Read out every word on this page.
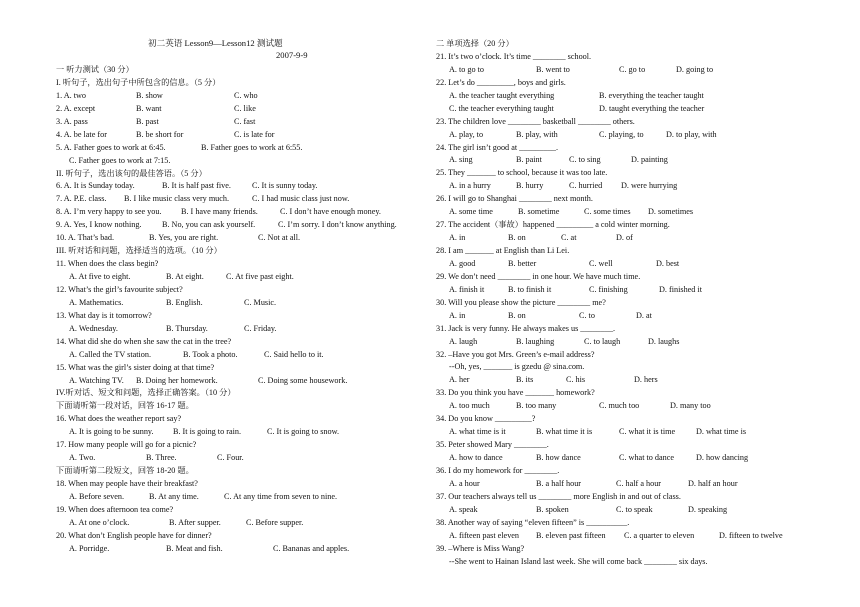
初二英语 Lesson9—Lesson12 测试题
2007-9-9
一 听力测试（30 分）
I. 听句子，选出句子中所包含的信息。（5 分）
1. A. two	B. show	C. who
2. A. except	B. want	C. like
3. A. pass	B. past	C. fast
4. A. be late for	B. be short for	C. is late for
5. A. Father goes to work at 6:45.	B. Father goes to work at 6:55.
C. Father goes to work at 7:15.
II. 听句子，选出该句的最佳答语。（5 分）
6. A. It is Sunday today.	B. It is half past five.	C. It is sunny today.
7. A. P.E. class. B. I like music class very much.	C. I had music class just now.
8. A. I’m very happy to see you. B. I have many friends.	C. I don’t have enough money.
9. A. Yes, I know nothing. B. No, you can ask yourself.	C. I’m sorry. I don’t know anything.
10. A. That’s bad.	B. Yes, you are right.	C. Not at all.
III. 听对话和问题，选择适当的选项。（10 分）
11. When does the class begin?
A. At five to eight.	B. At eight.	C. At five past eight.
12. What’s the girl’s favourite subject?
A. Mathematics.	B. English.	C. Music.
13. What day is it tomorrow?
A. Wednesday.	B. Thursday.	C. Friday.
14. What did she do when she saw the cat in the tree?
A. Called the TV station.	B. Took a photo.	C. Said hello to it.
15. What was the girl’s sister doing at that time?
A. Watching TV. B. Doing her homework.	C. Doing some housework.
IV.听对话、短文和问题，选择正确答案。（10 分）
下面请听第一段对话，回答 16-17 题。
16. What does the weather report say?
A. It is going to be sunny. B. It is going to rain.	C. It is going to snow.
17. How many people will go for a picnic?
A. Two.	B. Three.	C. Four.
下面请听第二段短文，回答 18-20 题。
18. When may people have their breakfast?
A. Before seven.	B. At any time.	C. At any time from seven to nine.
19. When does afternoon tea come?
A. At one o’clock.	B. After supper.	C. Before supper.
20. What don’t English people have for dinner?
A. Porridge.	B. Meat and fish.	C. Bananas and apples.
二 单项选择（20 分）
21. It’s two o’clock. It’s time ________ school.
A. to go to	B. went to	C. go to	D. going to
22. Let’s do _________, boys and girls.
A. the teacher taught everything	B. everything the teacher taught
C. the teacher everything taught	D. taught everything the teacher
23. The children love ________ basketball ________ others.
A. play, to	B. play, with	C. playing, to	D. to play, with
24. The girl isn’t good at _________.
A. sing	B. paint	C. to sing	D. painting
25. They _______ to school, because it was too late.
A. in a hurry	B. hurry	C. hurried D. were hurrying
26. I will go to Shanghai ________ next month.
A. some time	B. sometime	C. some times D. sometimes
27. The accident（事故）happened _________ a cold winter morning.
A. in	B. on	C. at	D. of
28. I am _______ at English than Li Lei.
A. good	B. better	C. well	D. best
29. We don’t need ________ in one hour. We have much time.
A. finish it	B. to finish it	C. finishing	D. finished it
30. Will you please show the picture ________ me?
A. in	B. on	C. to	D. at
31. Jack is very funny. He always makes us ________.
A. laugh	B. laughing	C. to laugh	D. laughs
32. –Have you got Mrs. Green’s e-mail address?
--Oh, yes, _______ is gzedu @ sina.com.
A. her	B. its	C. his	D. hers
33. Do you think you have _______ homework?
A. too much	B. too many	C. much too	D. many too
34. Do you know _________?
A. what time is it	B. what time it is	C. what it is time	D. what time is
35. Peter showed Mary ________.
A. how to dance	B. how dance	C. what to dance	D. how dancing
36. I do my homework for ________.
A. a hour	B. a half hour	C. half a hour	D. half an hour
37. Our teachers always tell us ________ more English in and out of class.
A. speak	B. spoken	C. to speak	D. speaking
38. Another way of saying “eleven fifteen” is __________.
A. fifteen past eleven B. eleven past fifteen C. a quarter to eleven	D. fifteen to twelve
39. –Where is Miss Wang?
--She went to Hainan Island last week. She will come back ________ six days.
